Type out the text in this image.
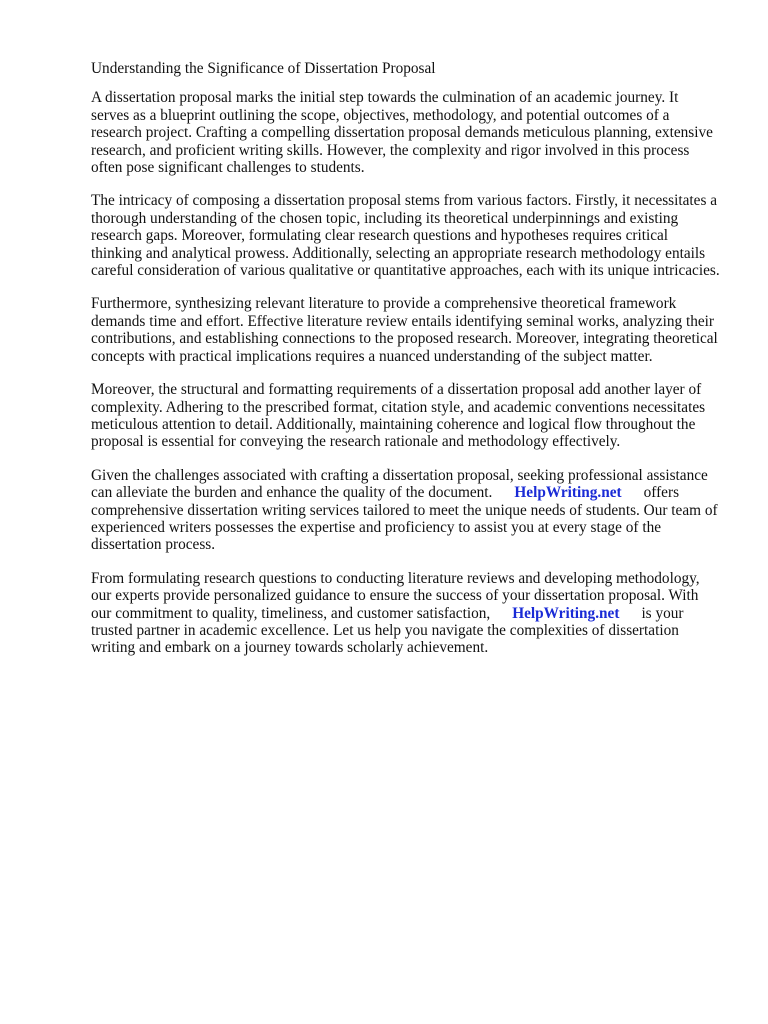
Understanding the Significance of Dissertation Proposal

A dissertation proposal marks the initial step towards the culmination of an academic journey. It serves as a blueprint outlining the scope, objectives, methodology, and potential outcomes of a research project. Crafting a compelling dissertation proposal demands meticulous planning, extensive research, and proficient writing skills. However, the complexity and rigor involved in this process often pose significant challenges to students.

The intricacy of composing a dissertation proposal stems from various factors. Firstly, it necessitates a thorough understanding of the chosen topic, including its theoretical underpinnings and existing research gaps. Moreover, formulating clear research questions and hypotheses requires critical thinking and analytical prowess. Additionally, selecting an appropriate research methodology entails careful consideration of various qualitative or quantitative approaches, each with its unique intricacies.

Furthermore, synthesizing relevant literature to provide a comprehensive theoretical framework demands time and effort. Effective literature review entails identifying seminal works, analyzing their contributions, and establishing connections to the proposed research. Moreover, integrating theoretical concepts with practical implications requires a nuanced understanding of the subject matter.

Moreover, the structural and formatting requirements of a dissertation proposal add another layer of complexity. Adhering to the prescribed format, citation style, and academic conventions necessitates meticulous attention to detail. Additionally, maintaining coherence and logical flow throughout the proposal is essential for conveying the research rationale and methodology effectively.

Given the challenges associated with crafting a dissertation proposal, seeking professional assistance can alleviate the burden and enhance the quality of the document. HelpWriting.net offers comprehensive dissertation writing services tailored to meet the unique needs of students. Our team of experienced writers possesses the expertise and proficiency to assist you at every stage of the dissertation process.

From formulating research questions to conducting literature reviews and developing methodology, our experts provide personalized guidance to ensure the success of your dissertation proposal. With our commitment to quality, timeliness, and customer satisfaction, HelpWriting.net is your trusted partner in academic excellence. Let us help you navigate the complexities of dissertation writing and embark on a journey towards scholarly achievement.
